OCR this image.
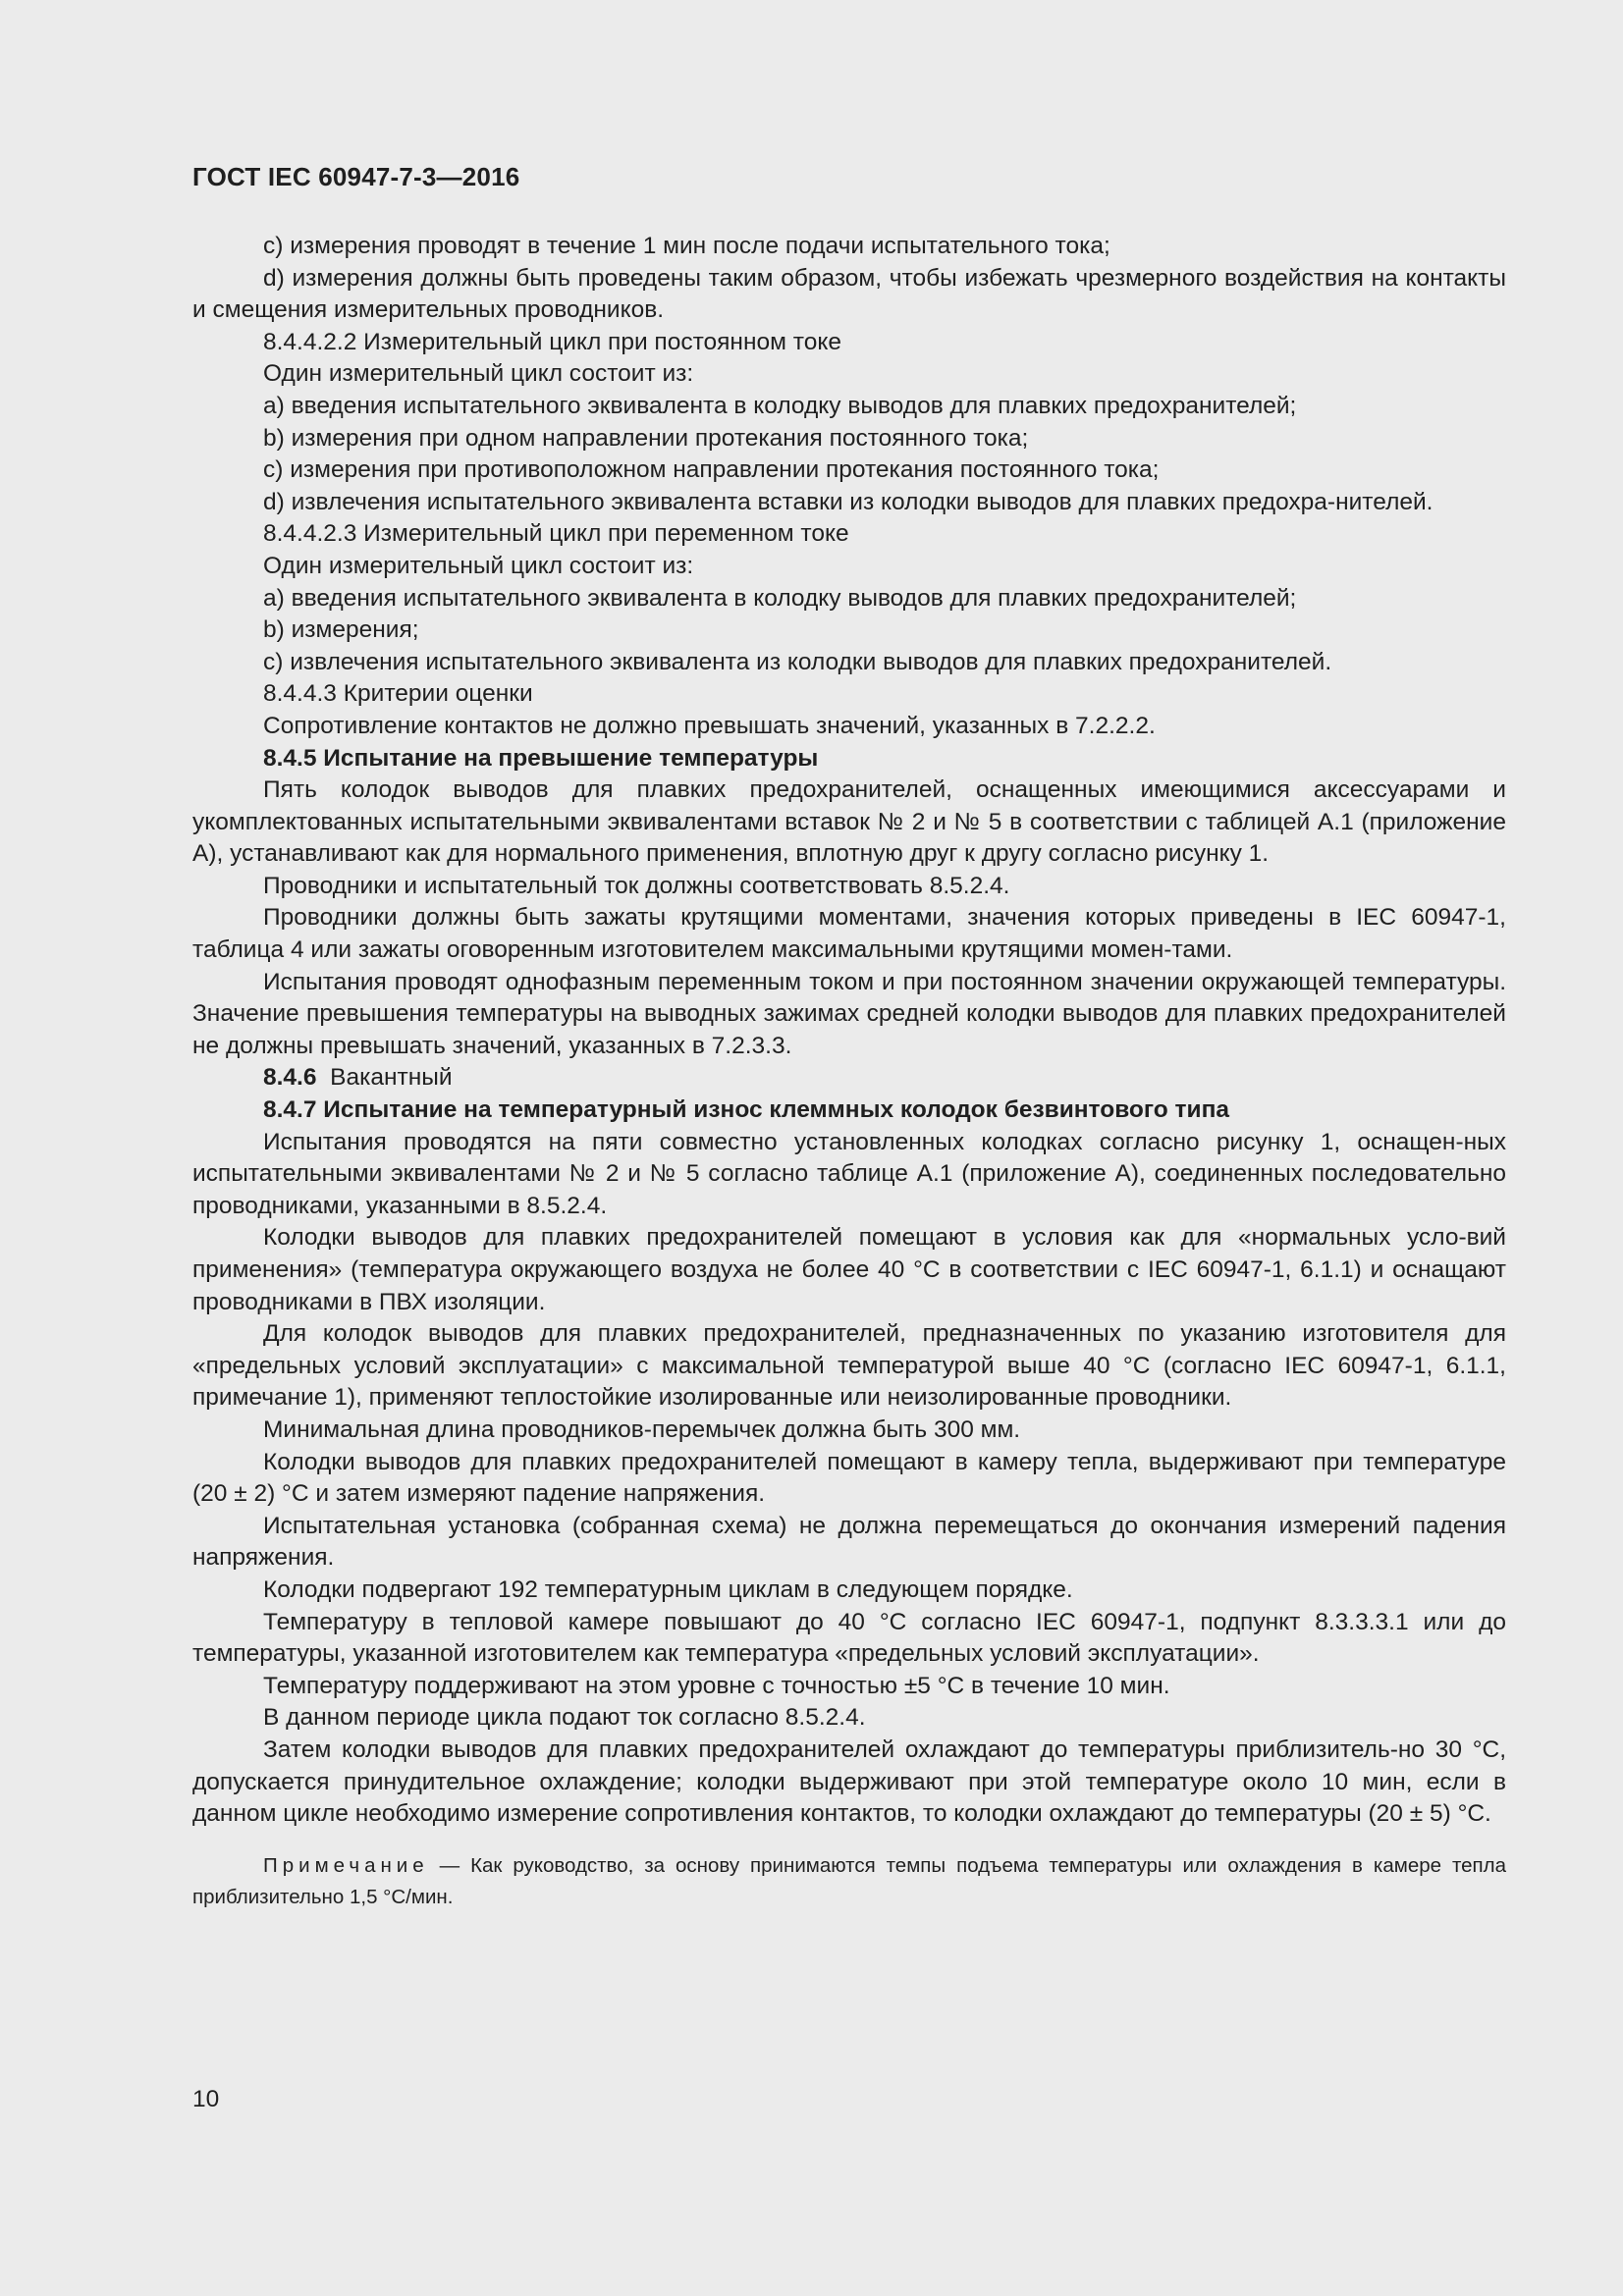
ГОСТ IEC 60947-7-3—2016

c) измерения проводят в течение 1 мин после подачи испытательного тока;

d) измерения должны быть проведены таким образом, чтобы избежать чрезмерного воздействия на контакты и смещения измерительных проводников.

8.4.4.2.2 Измерительный цикл при постоянном токе

Один измерительный цикл состоит из:

a) введения испытательного эквивалента в колодку выводов для плавких предохранителей;

b) измерения при одном направлении протекания постоянного тока;

c) измерения при противоположном направлении протекания постоянного тока;

d) извлечения испытательного эквивалента вставки из колодки выводов для плавких предохра-нителей.

8.4.4.2.3 Измерительный цикл при переменном токе

Один измерительный цикл состоит из:

a) введения испытательного эквивалента в колодку выводов для плавких предохранителей;

b) измерения;

c) извлечения испытательного эквивалента из колодки выводов для плавких предохранителей.

8.4.4.3 Критерии оценки

Сопротивление контактов не должно превышать значений, указанных в 7.2.2.2.

8.4.5 Испытание на превышение температуры

Пять колодок выводов для плавких предохранителей, оснащенных имеющимися аксессуарами и укомплектованных испытательными эквивалентами вставок № 2 и № 5 в соответствии с таблицей А.1 (приложение А), устанавливают как для нормального применения, вплотную друг к другу согласно рисунку 1.

Проводники и испытательный ток должны соответствовать 8.5.2.4.

Проводники должны быть зажаты крутящими моментами, значения которых приведены в IEC 60947-1, таблица 4 или зажаты оговоренным изготовителем максимальными крутящими момен-тами.

Испытания проводят однофазным переменным током и при постоянном значении окружающей температуры. Значение превышения температуры на выводных зажимах средней колодки выводов для плавких предохранителей не должны превышать значений, указанных в 7.2.3.3.

8.4.6 Вакантный

8.4.7 Испытание на температурный износ клеммных колодок безвинтового типа

Испытания проводятся на пяти совместно установленных колодках согласно рисунку 1, оснащен-ных испытательными эквивалентами № 2 и № 5 согласно таблице А.1 (приложение А), соединенных последовательно проводниками, указанными в 8.5.2.4.

Колодки выводов для плавких предохранителей помещают в условия как для «нормальных усло-вий применения» (температура окружающего воздуха не более 40 °С в соответствии с IEC 60947-1, 6.1.1) и оснащают проводниками в ПВХ изоляции.

Для колодок выводов для плавких предохранителей, предназначенных по указанию изготовителя для «предельных условий эксплуатации» с максимальной температурой выше 40 °С (согласно IEC 60947-1, 6.1.1, примечание 1), применяют теплостойкие изолированные или неизолированные проводники.

Минимальная длина проводников-перемычек должна быть 300 мм.

Колодки выводов для плавких предохранителей помещают в камеру тепла, выдерживают при температуре (20 ± 2) °С и затем измеряют падение напряжения.

Испытательная установка (собранная схема) не должна перемещаться до окончания измерений падения напряжения.

Колодки подвергают 192 температурным циклам в следующем порядке.

Температуру в тепловой камере повышают до 40 °С согласно IEC 60947-1, подпункт 8.3.3.3.1 или до температуры, указанной изготовителем как температура «предельных условий эксплуатации».

Температуру поддерживают на этом уровне с точностью ±5 °С в течение 10 мин.

В данном периоде цикла подают ток согласно 8.5.2.4.

Затем колодки выводов для плавких предохранителей охлаждают до температуры приблизитель-но 30 °С, допускается принудительное охлаждение; колодки выдерживают при этой температуре около 10 мин, если в данном цикле необходимо измерение сопротивления контактов, то колодки охлаждают до температуры (20 ± 5) °С.

Примечание — Как руководство, за основу принимаются темпы подъема температуры или охлаждения в камере тепла приблизительно 1,5 °С/мин.

10
